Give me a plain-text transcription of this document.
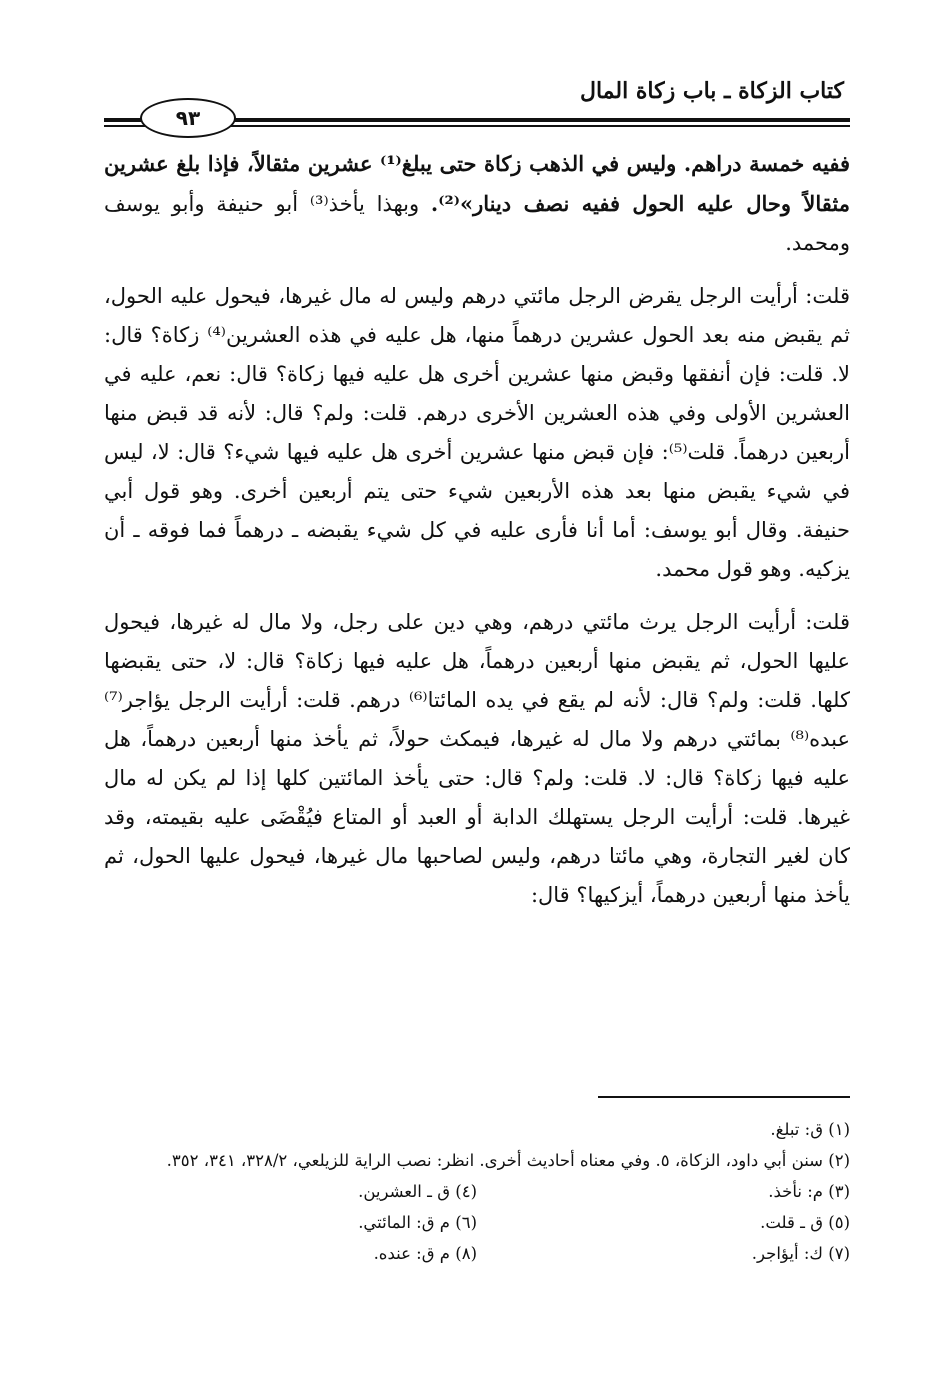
كتاب الزكاة ـ باب زكاة المال
٩٣

ففيه خمسة دراهم. وليس في الذهب زكاة حتى يبلغ⁽¹⁾ عشرين مثقالاً، فإذا بلغ عشرين مثقالاً وحال عليه الحول ففيه نصف دينار»⁽²⁾. وبهذا يأخذ⁽³⁾ أبو حنيفة وأبو يوسف ومحمد.

قلت: أرأيت الرجل يقرض الرجل مائتي درهم وليس له مال غيرها، فيحول عليه الحول، ثم يقبض منه بعد الحول عشرين درهماً منها، هل عليه في هذه العشرين⁽⁴⁾ زكاة؟ قال: لا. قلت: فإن أنفقها وقبض منها عشرين أخرى هل عليه فيها زكاة؟ قال: نعم، عليه في العشرين الأولى وفي هذه العشرين الأخرى درهم. قلت: ولم؟ قال: لأنه قد قبض منها أربعين درهماً. قلت⁽⁵⁾: فإن قبض منها عشرين أخرى هل عليه فيها شيء؟ قال: لا، ليس في شيء يقبض منها بعد هذه الأربعين شيء حتى يتم أربعين أخرى. وهو قول أبي حنيفة. وقال أبو يوسف: أما أنا فأرى عليه في كل شيء يقبضه ـ درهماً فما فوقه ـ أن يزكيه. وهو قول محمد.

قلت: أرأيت الرجل يرث مائتي درهم، وهي دين على رجل، ولا مال له غيرها، فيحول عليها الحول، ثم يقبض منها أربعين درهماً، هل عليه فيها زكاة؟ قال: لا، حتى يقبضها كلها. قلت: ولم؟ قال: لأنه لم يقع في يده المائتا⁽⁶⁾ درهم. قلت: أرأيت الرجل يؤاجر⁽⁷⁾ عبده⁽⁸⁾ بمائتي درهم ولا مال له غيرها، فيمكث حولاً، ثم يأخذ منها أربعين درهماً، هل عليه فيها زكاة؟ قال: لا. قلت: ولم؟ قال: حتى يأخذ المائتين كلها إذا لم يكن له مال غيرها. قلت: أرأيت الرجل يستهلك الدابة أو العبد أو المتاع فيُقْضَى عليه بقيمته، وقد كان لغير التجارة، وهي مائتا درهم، وليس لصاحبها مال غيرها، فيحول عليها الحول، ثم يأخذ منها أربعين درهماً، أيزكيها؟ قال:

(١) ق: تبلغ.
(٢) سنن أبي داود، الزكاة، ٥. وفي معناه أحاديث أخرى. انظر: نصب الراية للزيلعي، ٣٢٨/٢، ٣٤١، ٣٥٢.
(٣) م: نأخذ.
(٤) ق ـ العشرين.
(٥) ق ـ قلت.
(٦) م ق: المائتي.
(٧) ك: أيؤاجر.
(٨) م ق: عنده.
